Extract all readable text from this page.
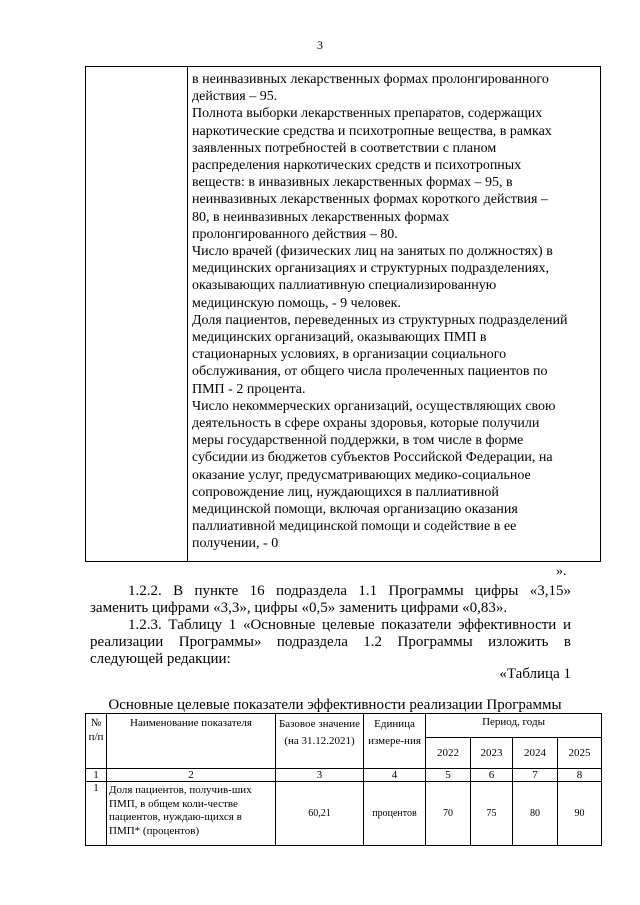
3

в неинвазивных лекарственных формах пролонгированного
действия – 95.

Полнота выборки лекарственных препаратов, содержащих
наркотические средства и психотропные вещества, в рамках
заявленных потребностей в соответствии с планом
распределения наркотических средств и психотропных
веществ: в инвазивных лекарственных формах – 95, в
неинвазивных лекарственных формах короткого действия –
80, в неинвазивных лекарственных формах
пролонгированного действия – 80.

Число врачей (физических лиц на занятых по должностях) в
медицинских организациях и структурных подразделениях,
оказывающих паллиативную специализированную
медицинскую помощь, - 9 человек.

Доля пациентов, переведенных из структурных подразделений
медицинских организаций, оказывающих ПМП в
стационарных условиях, в организации социального
обслуживания, от общего числа пролеченных пациентов по
ПМП - 2 процента.

Число некоммерческих организаций, осуществляющих свою
деятельность в сфере охраны здоровья, которые получили
меры государственной поддержки, в том числе в форме
субсидии из бюджетов субъектов Российской Федерации, на
оказание услуг, предусматривающих медико-социальное
сопровождение лиц, нуждающихся в паллиативной
медицинской помощи, включая организацию оказания
паллиативной медицинской помощи и содействие в ее
получении, - 0

».
1.2.2. В пункте 16 подраздела 1.1 Программы цифры «3,15»
заменить цифрами «3,3», цифры «0,5» заменить цифрами «0,83».
1.2.3. Таблицу 1 «Основные целевые показатели эффективности и
реализации Программы» подраздела 1.2 Программы изложить в
следующей редакции:
«Таблица 1
Основные целевые показатели эффективности реализации Программы
№ п/п	Наименование показателя	Базовое значение (на 31.12.2021)	Единица измере-ния	Период, годы			
				2022	2023	2024	2025
1	2	3	4	5	6	7	8
1	Доля пациентов, получив-ших ПМП, в общем коли-честве пациентов, нуждаю-щихся в ПМП* (процентов)	60,21	процентов	70	75	80	90
